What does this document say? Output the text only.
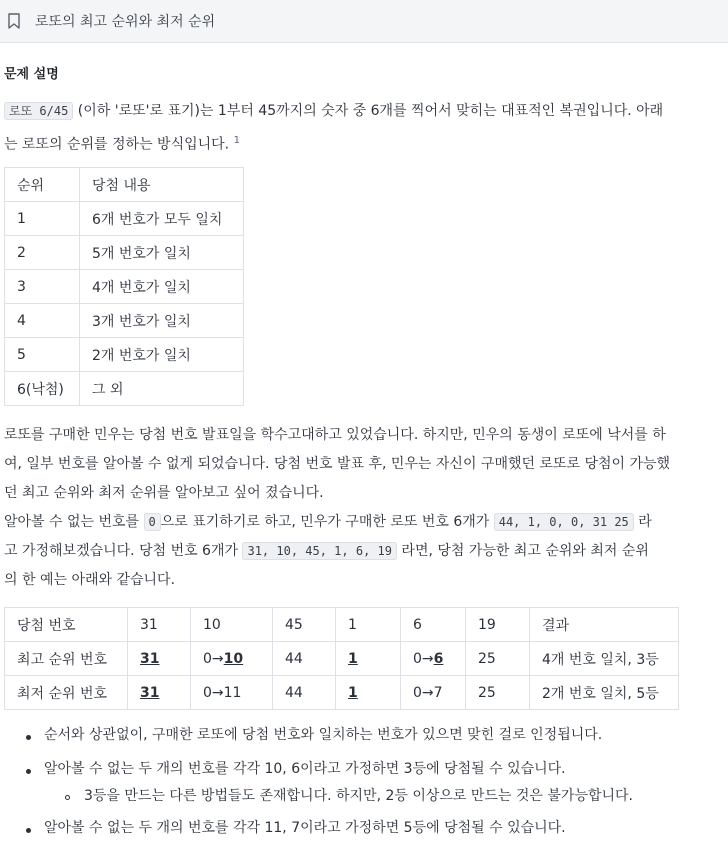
로또의 최고 순위와 최저 순위
문제 설명
로또 6/45 (이하 '로또'로 표기)는 1부터 45까지의 숫자 중 6개를 찍어서 맞히는 대표적인 복권입니다. 아래
는 로또의 순위를 정하는 방식입니다. $^1$
순위	당첨 내용
1	6개 번호가 모두 일치
2	5개 번호가 일치
3	4개 번호가 일치
4	3개 번호가 일치
5	2개 번호가 일치
6(낙첨)	그 외
로또를 구매한 민우는 당첨 번호 발표일을 학수고대하고 있었습니다. 하지만, 민우의 동생이 로또에 낙서를 하
여, 일부 번호를 알아볼 수 없게 되었습니다. 당첨 번호 발표 후, 민우는 자신이 구매했던 로또로 당첨이 가능했
던 최고 순위와 최저 순위를 알아보고 싶어 졌습니다.
알아볼 수 없는 번호를 0 으로 표기하기로 하고, 민우가 구매한 로또 번호 6개가 44, 1, 0, 0, 31 25 라
고 가정해보겠습니다. 당첨 번호 6개가 31, 10, 45, 1, 6, 19 라면, 당첨 가능한 최고 순위와 최저 순위
의 한 예는 아래와 같습니다.
당첨 번호	31	10	45	1	6	19	결과
최고 순위 번호	31	0→10	44	1	0→6	25	4개 번호 일치, 3등
최저 순위 번호	31	0→11	44	1	0→7	25	2개 번호 일치, 5등
순서와 상관없이, 구매한 로또에 당첨 번호와 일치하는 번호가 있으면 맞힌 걸로 인정됩니다.
알아볼 수 없는 두 개의 번호를 각각 10, 6이라고 가정하면 3등에 당첨될 수 있습니다.
3등을 만드는 다른 방법들도 존재합니다. 하지만, 2등 이상으로 만드는 것은 불가능합니다.
알아볼 수 없는 두 개의 번호를 각각 11, 7이라고 가정하면 5등에 당첨될 수 있습니다.
